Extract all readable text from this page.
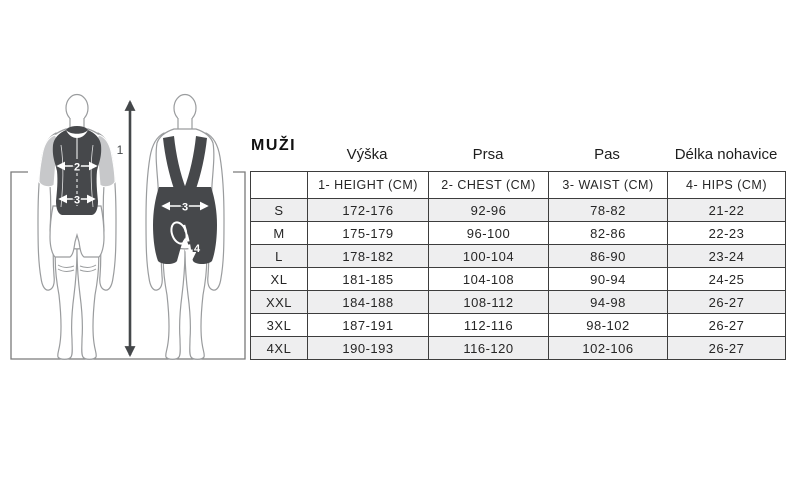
1
2
3
3
4
MUŽI
Výška	Prsa	Pas	Délka nohavice
	1- HEIGHT (CM)	2- CHEST (CM)	3- WAIST (CM)	4- HIPS (CM)
S	172-176	92-96	78-82	21-22
M	175-179	96-100	82-86	22-23
L	178-182	100-104	86-90	23-24
XL	181-185	104-108	90-94	24-25
XXL	184-188	108-112	94-98	26-27
3XL	187-191	112-116	98-102	26-27
4XL	190-193	116-120	102-106	26-27
